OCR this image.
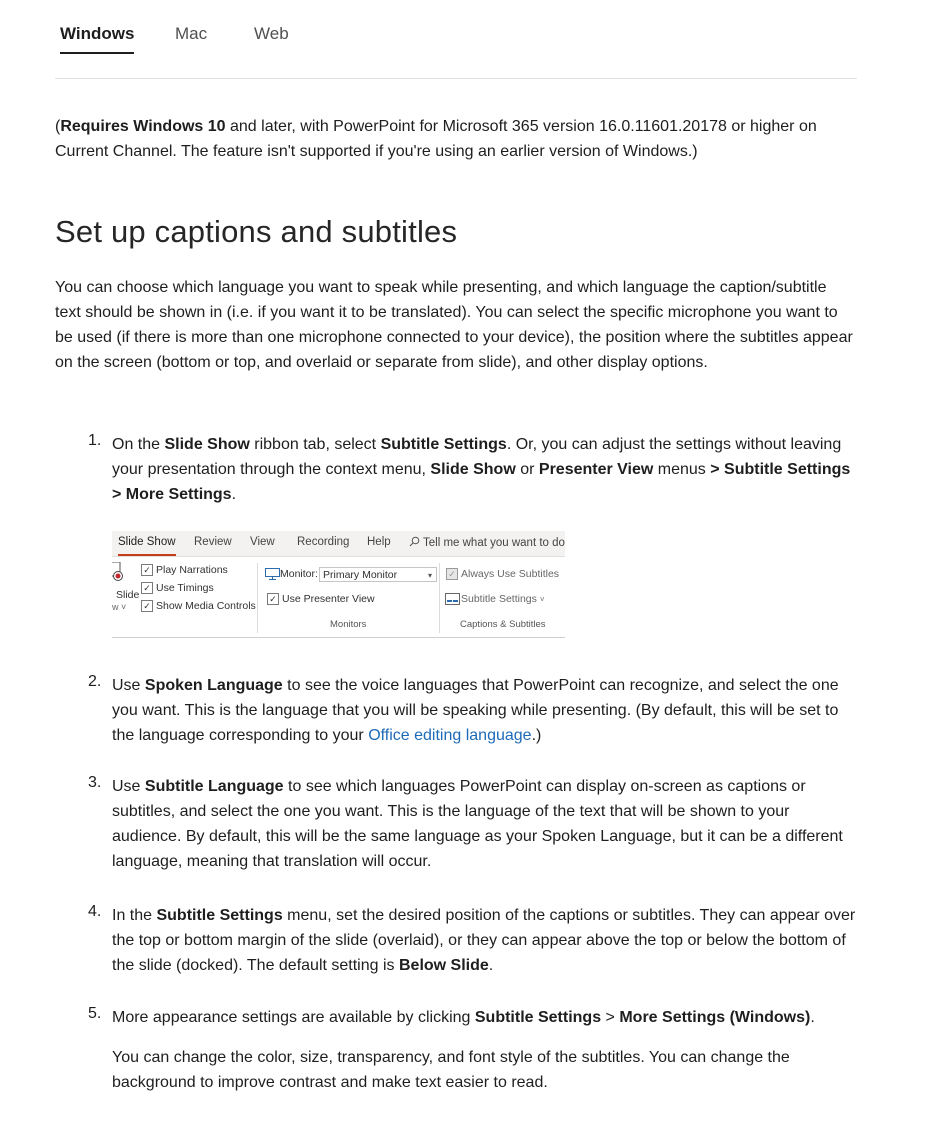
Windows Mac	Web

(Requires Windows 10 and later, with PowerPoint for Microsoft 365 version 16.0.11601.20178 or higher on Current Channel. The feature isn't supported if you're using an earlier version of Windows.)

Set up captions and subtitles

You can choose which language you want to speak while presenting, and which language the caption/subtitle text should be shown in (i.e. if you want it to be translated). You can select the specific microphone you want to be used (if there is more than one microphone connected to your device), the position where the subtitles appear on the screen (bottom or top, and overlaid or separate from slide), and other display options.

1. On the Slide Show ribbon tab, select Subtitle Settings. Or, you can adjust the settings without leaving your presentation through the context menu, Slide Show or Presenter View menus > Subtitle Settings > More Settings.

Slide Show Review View Recording Help	Tell me what you want to do
Slide
w ˅
✓ Play Narrations
✓ Use Timings
✓ Show Media Controls
Monitor: Primary Monitor	▾
✓ Use Presenter View
Monitors
✓ Always Use Subtitles
Subtitle Settings ˅
Captions & Subtitles
2. Use Spoken Language to see the voice languages that PowerPoint can recognize, and select the one you want. This is the language that you will be speaking while presenting. (By default, this will be set to the language corresponding to your Office editing language.)

3. Use Subtitle Language to see which languages PowerPoint can display on-screen as captions or subtitles, and select the one you want. This is the language of the text that will be shown to your audience. By default, this will be the same language as your Spoken Language, but it can be a different language, meaning that translation will occur.

4. In the Subtitle Settings menu, set the desired position of the captions or subtitles. They can appear over the top or bottom margin of the slide (overlaid), or they can appear above the top or below the bottom of the slide (docked). The default setting is Below Slide.

5. More appearance settings are available by clicking Subtitle Settings > More Settings (Windows).

You can change the color, size, transparency, and font style of the subtitles. You can change the background to improve contrast and make text easier to read.
